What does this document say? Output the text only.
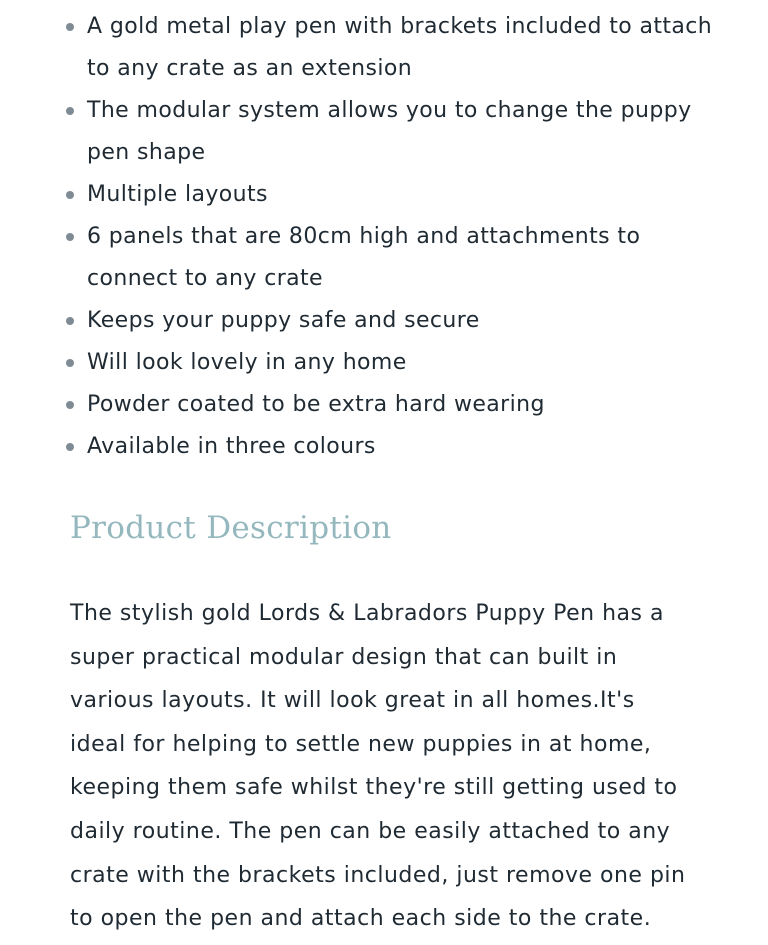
A gold metal play pen with brackets included to attach to any crate as an extension
The modular system allows you to change the puppy pen shape
Multiple layouts
6 panels that are 80cm high and attachments to connect to any crate
Keeps your puppy safe and secure
Will look lovely in any home
Powder coated to be extra hard wearing
Available in three colours
Product Description

The stylish gold Lords & Labradors Puppy Pen has a
super practical modular design that can built in
various layouts. It will look great in all homes.It's
ideal for helping to settle new puppies in at home,
keeping them safe whilst they're still getting used to
daily routine. The pen can be easily attached to any
crate with the brackets included, just remove one pin
to open the pen and attach each side to the crate.
